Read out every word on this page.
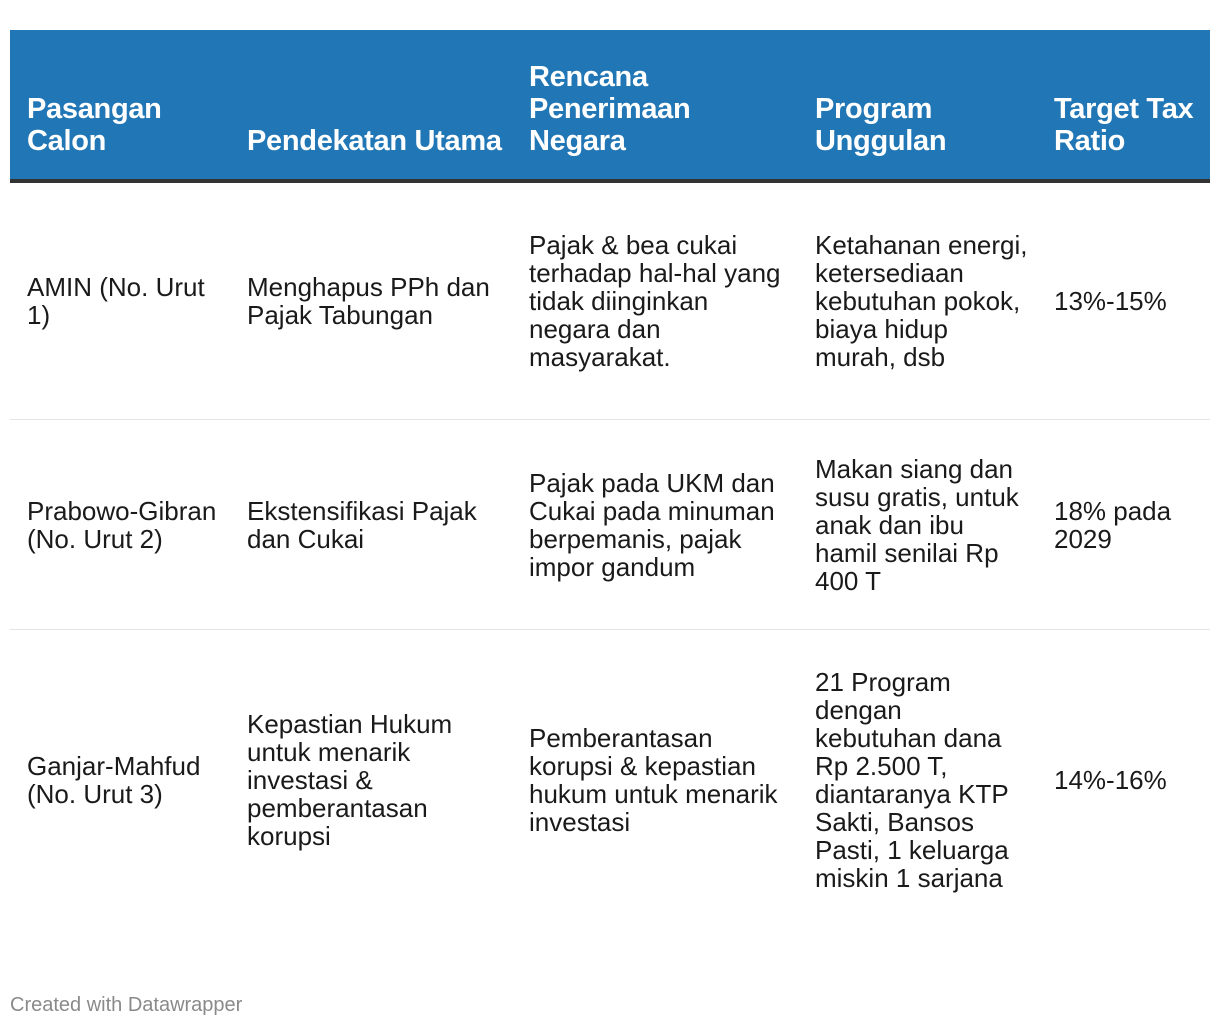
Pasangan Calon	Pendekatan Utama	Rencana Penerimaan Negara	Program Unggulan	Target Tax Ratio
AMIN (No. Urut 1)	Menghapus PPh dan Pajak Tabungan	Pajak & bea cukai terhadap hal-hal yang tidak diinginkan negara dan masyarakat.	Ketahanan energi, ketersediaan kebutuhan pokok, biaya hidup murah, dsb	13%-15%
Prabowo-Gibran (No. Urut 2)	Ekstensifikasi Pajak dan Cukai	Pajak pada UKM dan Cukai pada minuman berpemanis, pajak impor gandum	Makan siang dan susu gratis, untuk anak dan ibu hamil senilai Rp 400 T	18% pada 2029
Ganjar-Mahfud (No. Urut 3)	Kepastian Hukum untuk menarik investasi & pemberantasan korupsi	Pemberantasan korupsi & kepastian hukum untuk menarik investasi	21 Program dengan kebutuhan dana Rp 2.500 T, diantaranya KTP Sakti, Bansos Pasti, 1 keluarga miskin 1 sarjana	14%-16%
Created with Datawrapper
